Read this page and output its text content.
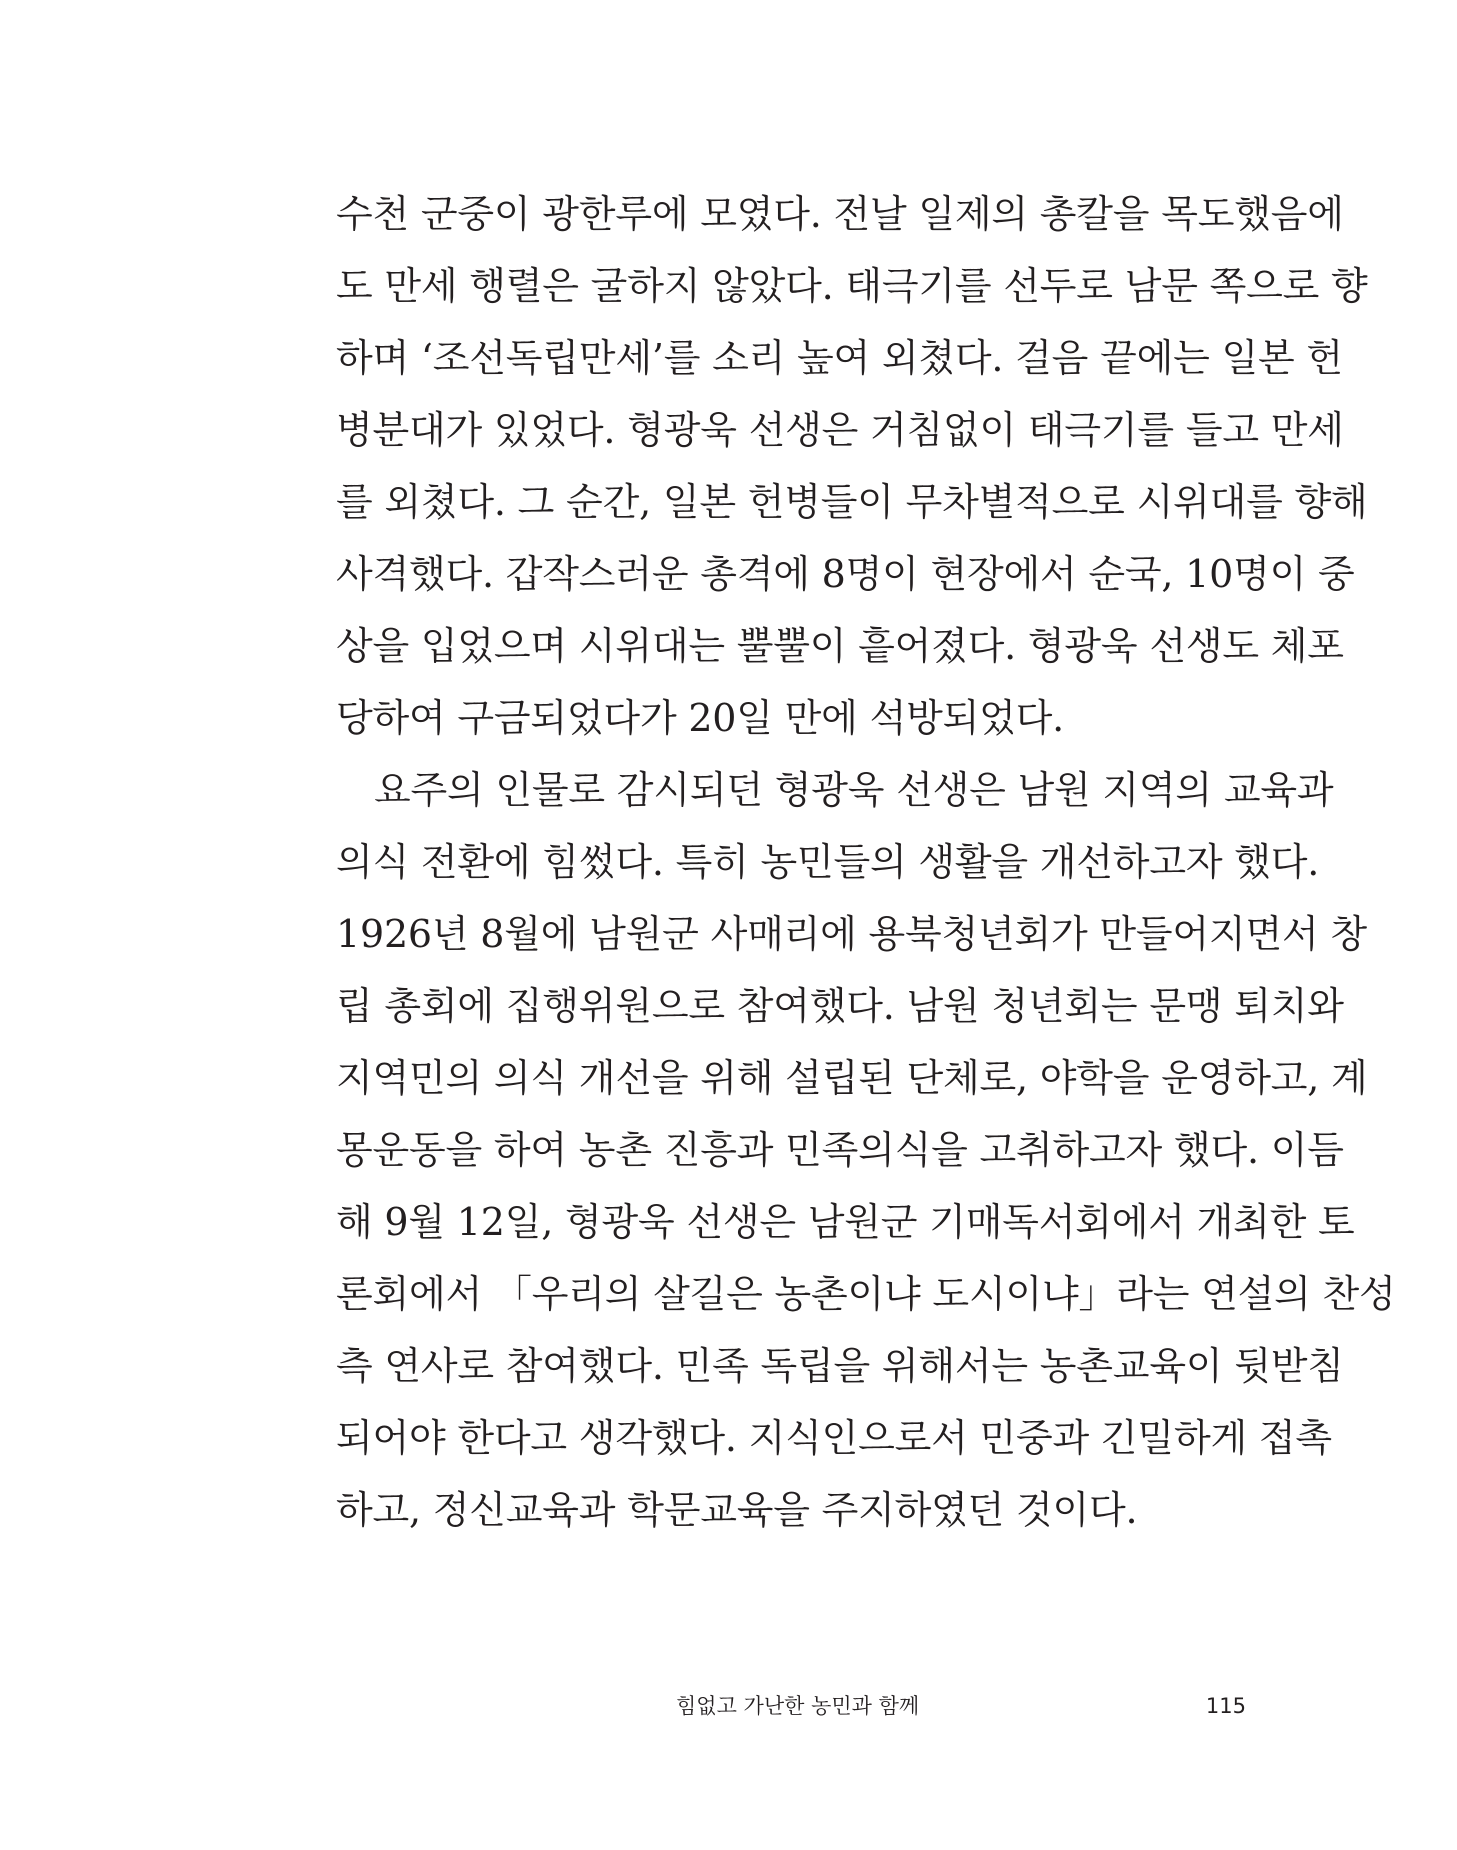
수천 군중이 광한루에 모였다. 전날 일제의 총칼을 목도했음에
도 만세 행렬은 굴하지 않았다. 태극기를 선두로 남문 쪽으로 향
하며 ‘조선독립만세’를 소리 높여 외쳤다. 걸음 끝에는 일본 헌
병분대가 있었다. 형광욱 선생은 거침없이 태극기를 들고 만세
를 외쳤다. 그 순간, 일본 헌병들이 무차별적으로 시위대를 향해
사격했다. 갑작스러운 총격에 8명이 현장에서 순국, 10명이 중
상을 입었으며 시위대는 뿔뿔이 흩어졌다. 형광욱 선생도 체포
당하여 구금되었다가 20일 만에 석방되었다.
요주의 인물로 감시되던 형광욱 선생은 남원 지역의 교육과
의식 전환에 힘썼다. 특히 농민들의 생활을 개선하고자 했다.
1926년 8월에 남원군 사매리에 용북청년회가 만들어지면서 창
립 총회에 집행위원으로 참여했다. 남원 청년회는 문맹 퇴치와
지역민의 의식 개선을 위해 설립된 단체로, 야학을 운영하고, 계
몽운동을 하여 농촌 진흥과 민족의식을 고취하고자 했다. 이듬
해 9월 12일, 형광욱 선생은 남원군 기매독서회에서 개최한 토
론회에서 「우리의 살길은 농촌이냐 도시이냐」라는 연설의 찬성
측 연사로 참여했다. 민족 독립을 위해서는 농촌교육이 뒷받침
되어야 한다고 생각했다. 지식인으로서 민중과 긴밀하게 접촉
하고, 정신교육과 학문교육을 주지하였던 것이다.
힘없고 가난한 농민과 함께	115
